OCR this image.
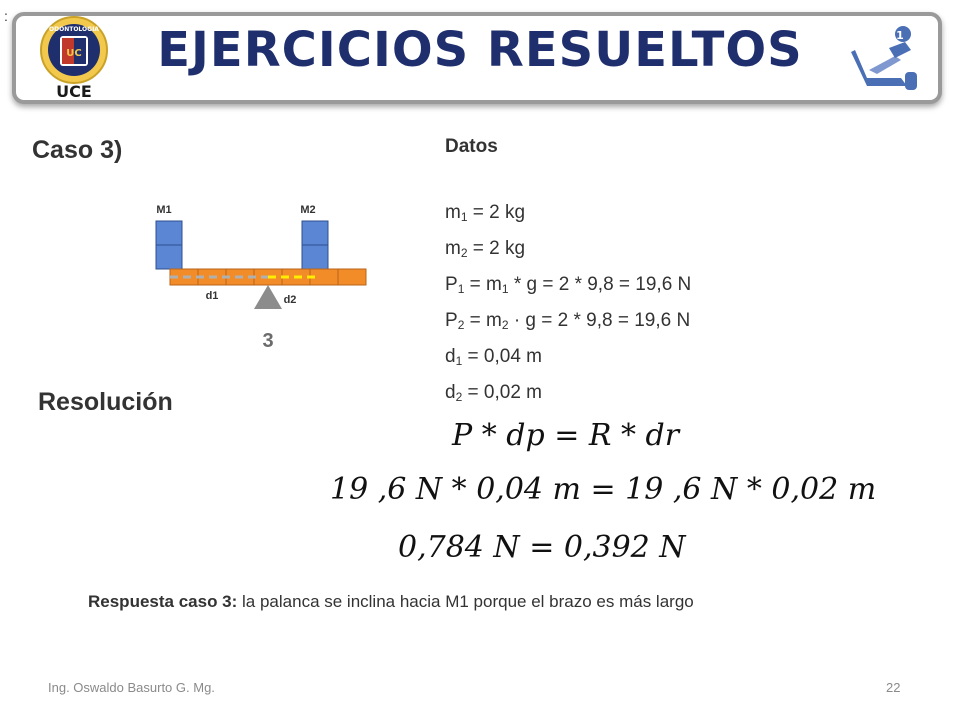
:
ODONTOLOGIA
UC
UCE
EJERCICIOS RESUELTOS	1
Caso 3)
Resolución
Datos
$m_1 = 2$ kg
$m_2 = 2$ kg
$P_1 = m_1 * g = 2 * 9,8 = 19,6$ N
$P_2 = m_2 \cdot g = 2 * 9,8 = 19,6$ N
$d_1 = 0,04$ m
$d_2 = 0,02$ m
M1	M2
d1	d2
3
P * dp = R * dr
19 ,6 N * 0,04 m = 19 ,6 N * 0,02 m
0,784 N = 0,392 N
Respuesta caso 3: la palanca se inclina hacia M1 porque el brazo es más largo
Ing. Oswaldo Basurto G. Mg.	22
